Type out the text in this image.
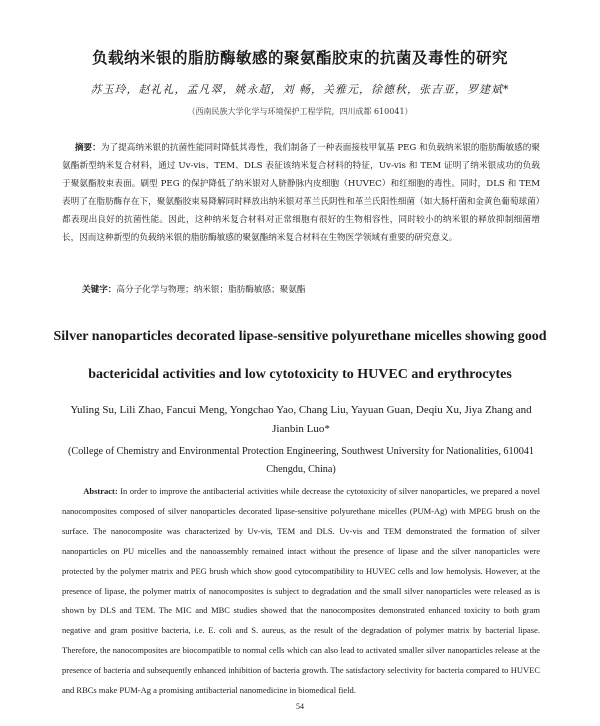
负载纳米银的脂肪酶敏感的聚氨酯胶束的抗菌及毒性的研究
苏玉玲，赵礼礼，孟凡翠，姚永超，刘 畅，关雅元，徐德秋，张吉亚，罗建斌*
（西南民族大学化学与环境保护工程学院，四川成都 610041）
摘要：为了提高纳米银的抗菌性能同时降低其毒性，我们制备了一种表面接枝甲氧基 PEG 和负载纳米银的脂肪酶敏感的聚氨酯新型纳米复合材料，通过 Uv-vis、TEM、DLS 表征该纳米复合材料的特征，Uv-vis 和 TEM 证明了纳米银成功的负载于聚氨酯胶束表面。刷型 PEG 的保护降低了纳米银对人脐静脉内皮细胞（HUVEC）和红细胞的毒性。同时，DLS 和 TEM 表明了在脂肪酶存在下，聚氨酯胶束易降解同时释放出纳米银对革兰氏阴性和革兰氏阳性细菌（如大肠杆菌和金黄色葡萄球菌）都表现出良好的抗菌性能。因此，这种纳米复合材料对正常细胞有很好的生物相容性，同时较小的纳米银的释放抑制细菌增长，因而这种新型的负载纳米银的脂肪酶敏感的聚氨酯纳米复合材料在生物医学领域有重要的研究意义。
关键字：高分子化学与物理；纳米银；脂肪酶敏感；聚氨酯
Silver nanoparticles decorated lipase-sensitive polyurethane micelles showing good bactericidal activities and low cytotoxicity to HUVEC and erythrocytes
Yuling Su, Lili Zhao, Fancui Meng, Yongchao Yao, Chang Liu, Yayuan Guan, Deqiu Xu, Jiya Zhang and Jianbin Luo*
(College of Chemistry and Environmental Protection Engineering, Southwest University for Nationalities, 610041 Chengdu, China)
Abstract: In order to improve the antibacterial activities while decrease the cytotoxicity of silver nanoparticles, we prepared a novel nanocomposites composed of silver nanoparticles decorated lipase-sensitive polyurethane micelles (PUM-Ag) with MPEG brush on the surface. The nanocomposite was characterized by Uv-vis, TEM and DLS. Uv-vis and TEM demonstrated the formation of silver nanoparticles on PU micelles and the nanoassembly remained intact without the presence of lipase and the silver nanoparticles were protected by the polymer matrix and PEG brush which show good cytocompatibility to HUVEC cells and low hemolysis. However, at the presence of lipase, the polymer matrix of nanocomposites is subject to degradation and the small silver nanoparticles were released as is shown by DLS and TEM. The MIC and MBC studies showed that the nanocomposites demonstrated enhanced toxicity to both gram negative and gram positive bacteria, i.e. E. coli and S. aureus, as the result of the degradation of polymer matrix by bacterial lipase. Therefore, the nanocomposites are biocompatible to normal cells which can also lead to activated smaller silver nanoparticles release at the presence of bacteria and subsequently enhanced inhibition of bacteria growth. The satisfactory selectivity for bacteria compared to HUVEC and RBCs make PUM-Ag a promising antibacterial nanomedicine in biomedical field.
54
